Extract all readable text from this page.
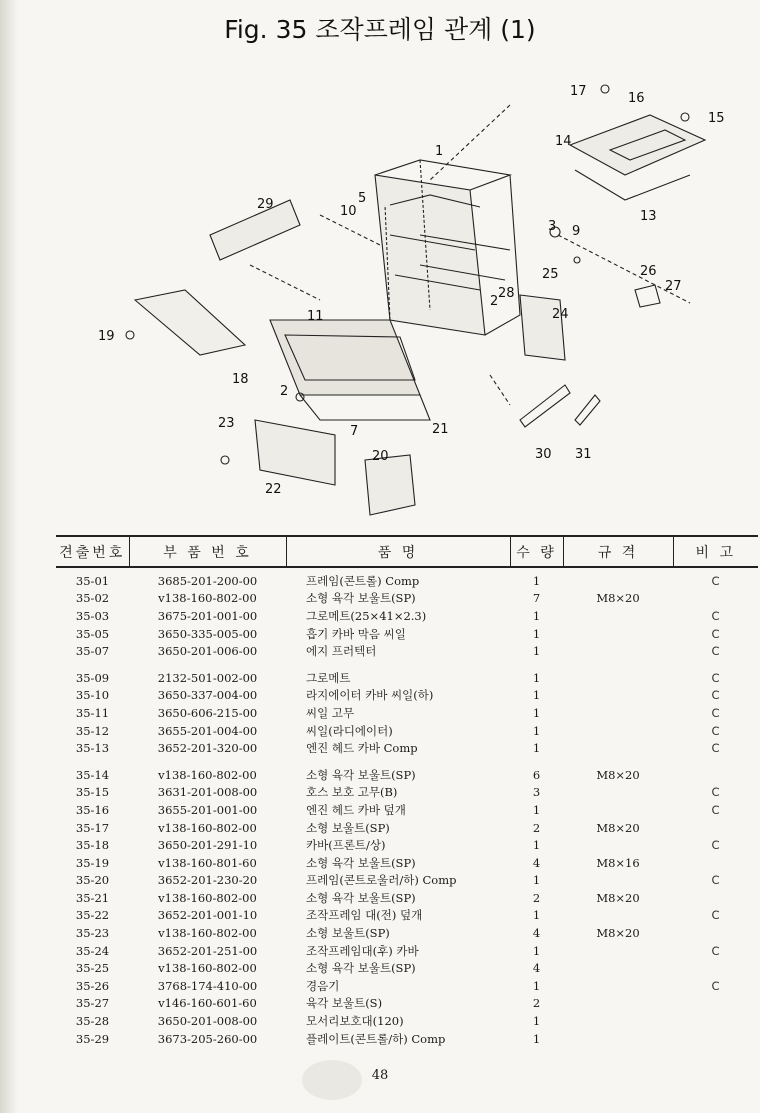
Fig. 35 조작프레임 관계 (1)
1
2
2
3
5
7
9
10
11
13
14
15
16
17
18
19
20
21
22
23
24
25	26
27
28
29
30 31
견출번호	부 품 번 호	품 명	수 량	규 격	비 고
35-01	3685-201-200-00	프레임(콘트롤) Comp	1		C
35-02	v138-160-802-00	소형 육각 보울트(SP)	7	M8×20	
35-03	3675-201-001-00	그로메트(25×41×2.3)	1		C
35-05	3650-335-005-00	흡기 카바 막음 씨일	1		C
35-07	3650-201-006-00	에지 프러텍터	1		C

35-09	2132-501-002-00	그로메트	1		C
35-10	3650-337-004-00	라지에이터 카바 씨일(하)	1		C
35-11	3650-606-215-00	씨일 고무	1		C
35-12	3655-201-004-00	씨일(라디에이터)	1		C
35-13	3652-201-320-00	엔진 헤드 카바 Comp	1		C

35-14	v138-160-802-00	소형 육각 보울트(SP)	6	M8×20	
35-15	3631-201-008-00	호스 보호 고무(B)	3		C
35-16	3655-201-001-00	엔진 헤드 카바 덮개	1		C
35-17	v138-160-802-00	소형 보울트(SP)	2	M8×20	
35-18	3650-201-291-10	카바(프론트/상)	1		C
35-19	v138-160-801-60	소형 육각 보울트(SP)	4	M8×16	
35-20	3652-201-230-20	프레임(콘트로울러/하) Comp	1		C
35-21	v138-160-802-00	소형 육각 보울트(SP)	2	M8×20	
35-22	3652-201-001-10	조작프레임 대(전) 덮개	1		C
35-23	v138-160-802-00	소형 보울트(SP)	4	M8×20	
35-24	3652-201-251-00	조작프레임대(후) 카바	1		C
35-25	v138-160-802-00	소형 육각 보울트(SP)	4		
35-26	3768-174-410-00	경음기	1		C
35-27	v146-160-601-60	육각 보울트(S)	2		
35-28	3650-201-008-00	모서리보호대(120)	1		
35-29	3673-205-260-00	플레이트(콘트롤/하) Comp	1		
48
